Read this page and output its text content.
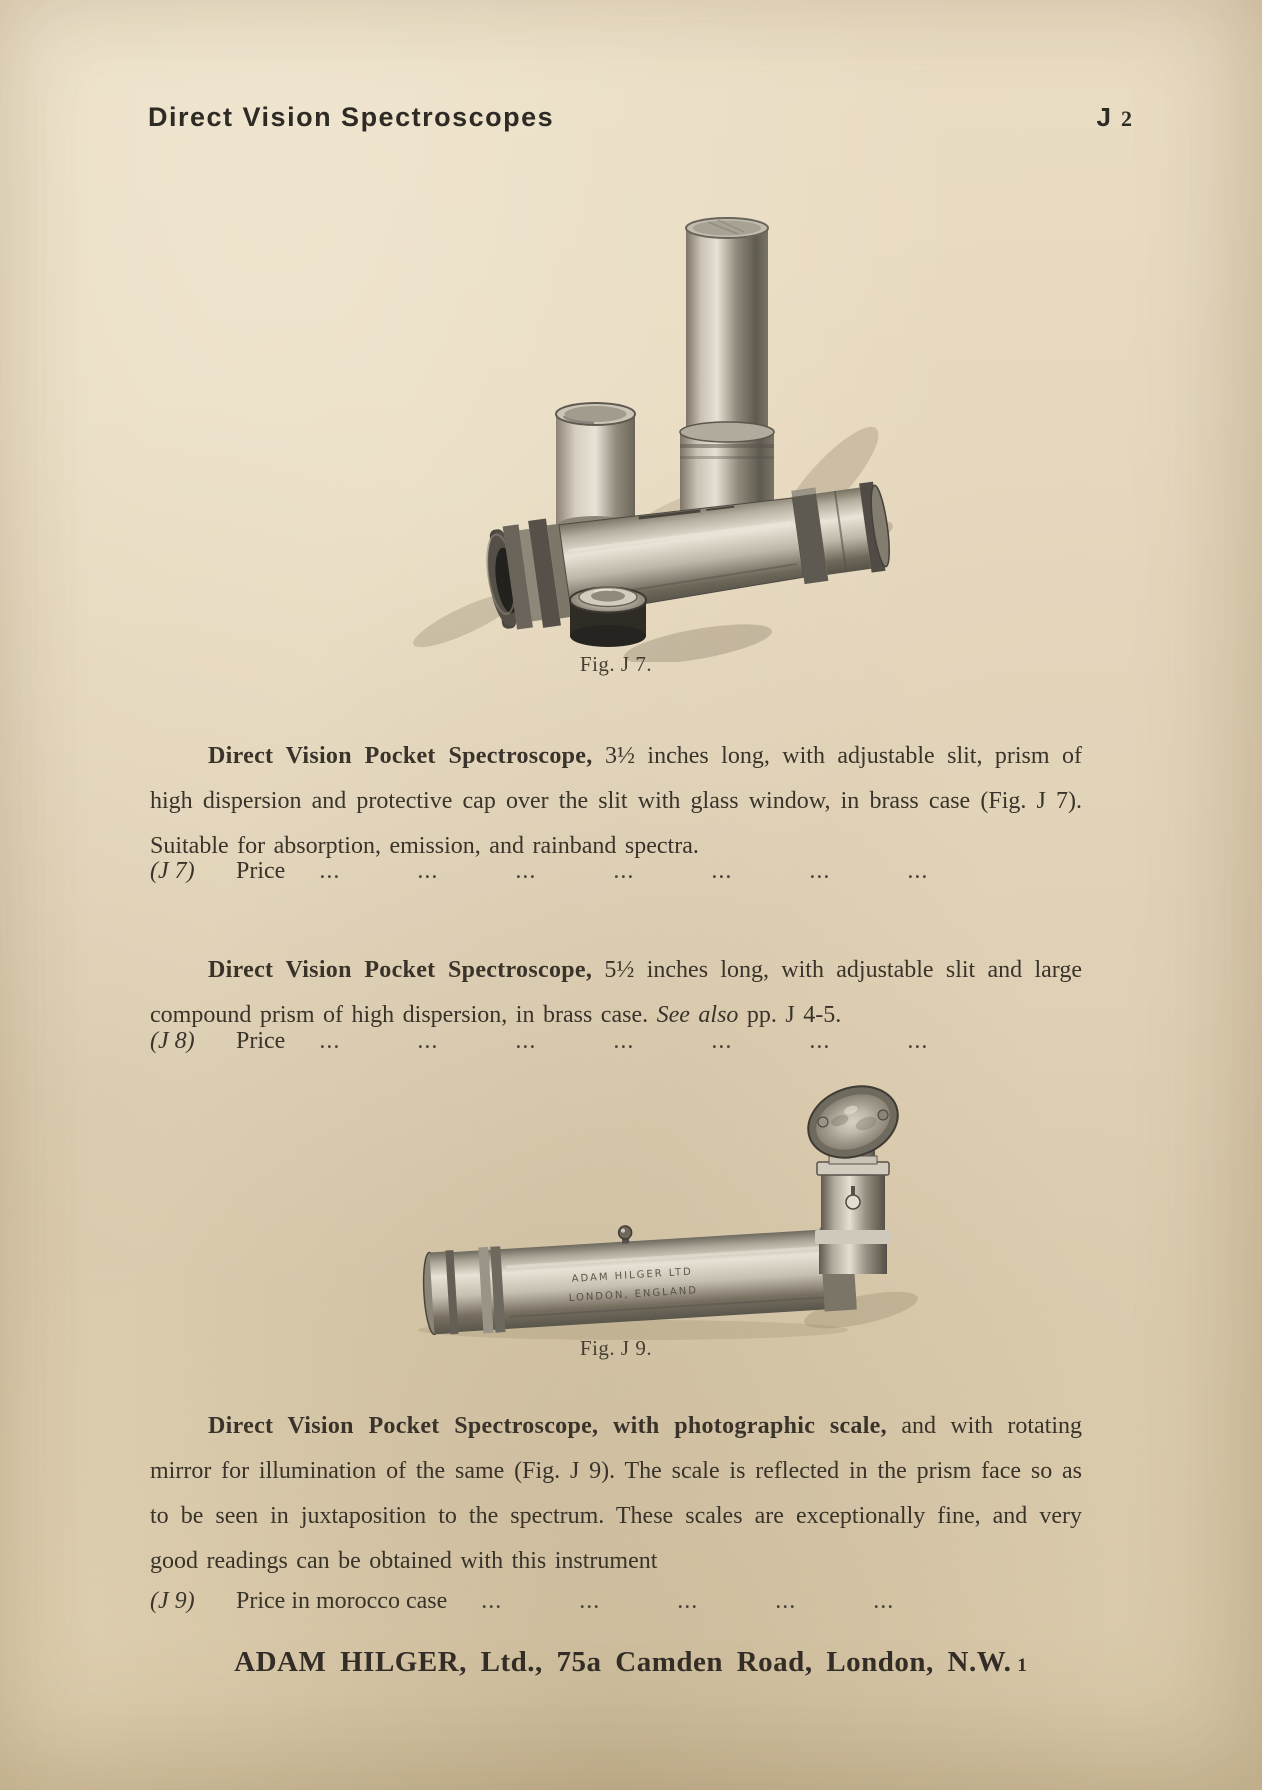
Direct Vision Spectroscopes	J 2
Fig. J 7.

Direct Vision Pocket Spectroscope, 3½ inches long, with adjustable slit, prism of high dispersion and protective cap over the slit with glass window, in brass case (Fig. J 7). Suitable for absorption, emission, and rainband spectra.

(J 7)	Price ...           ...           ...           ...           ...           ...           ...

Direct Vision Pocket Spectroscope, 5½ inches long, with adjustable slit and large compound prism of high dispersion, in brass case. See also pp. J 4-5.

(J 8)	Price ...           ...           ...           ...           ...           ...           ...
ADAM HILGER LTD
LONDON, ENGLAND
Fig. J 9.

Direct Vision Pocket Spectroscope, with photographic scale, and with rotating mirror for illumination of the same (Fig. J 9). The scale is reflected in the prism face so as to be seen in juxtaposition to the spectrum. These scales are exceptionally fine, and very good readings can be obtained with this instrument

(J 9)	Price in morocco case ...           ...           ...           ...           ...
ADAM HILGER, Ltd., 75a Camden Road, London, N.W. 1
